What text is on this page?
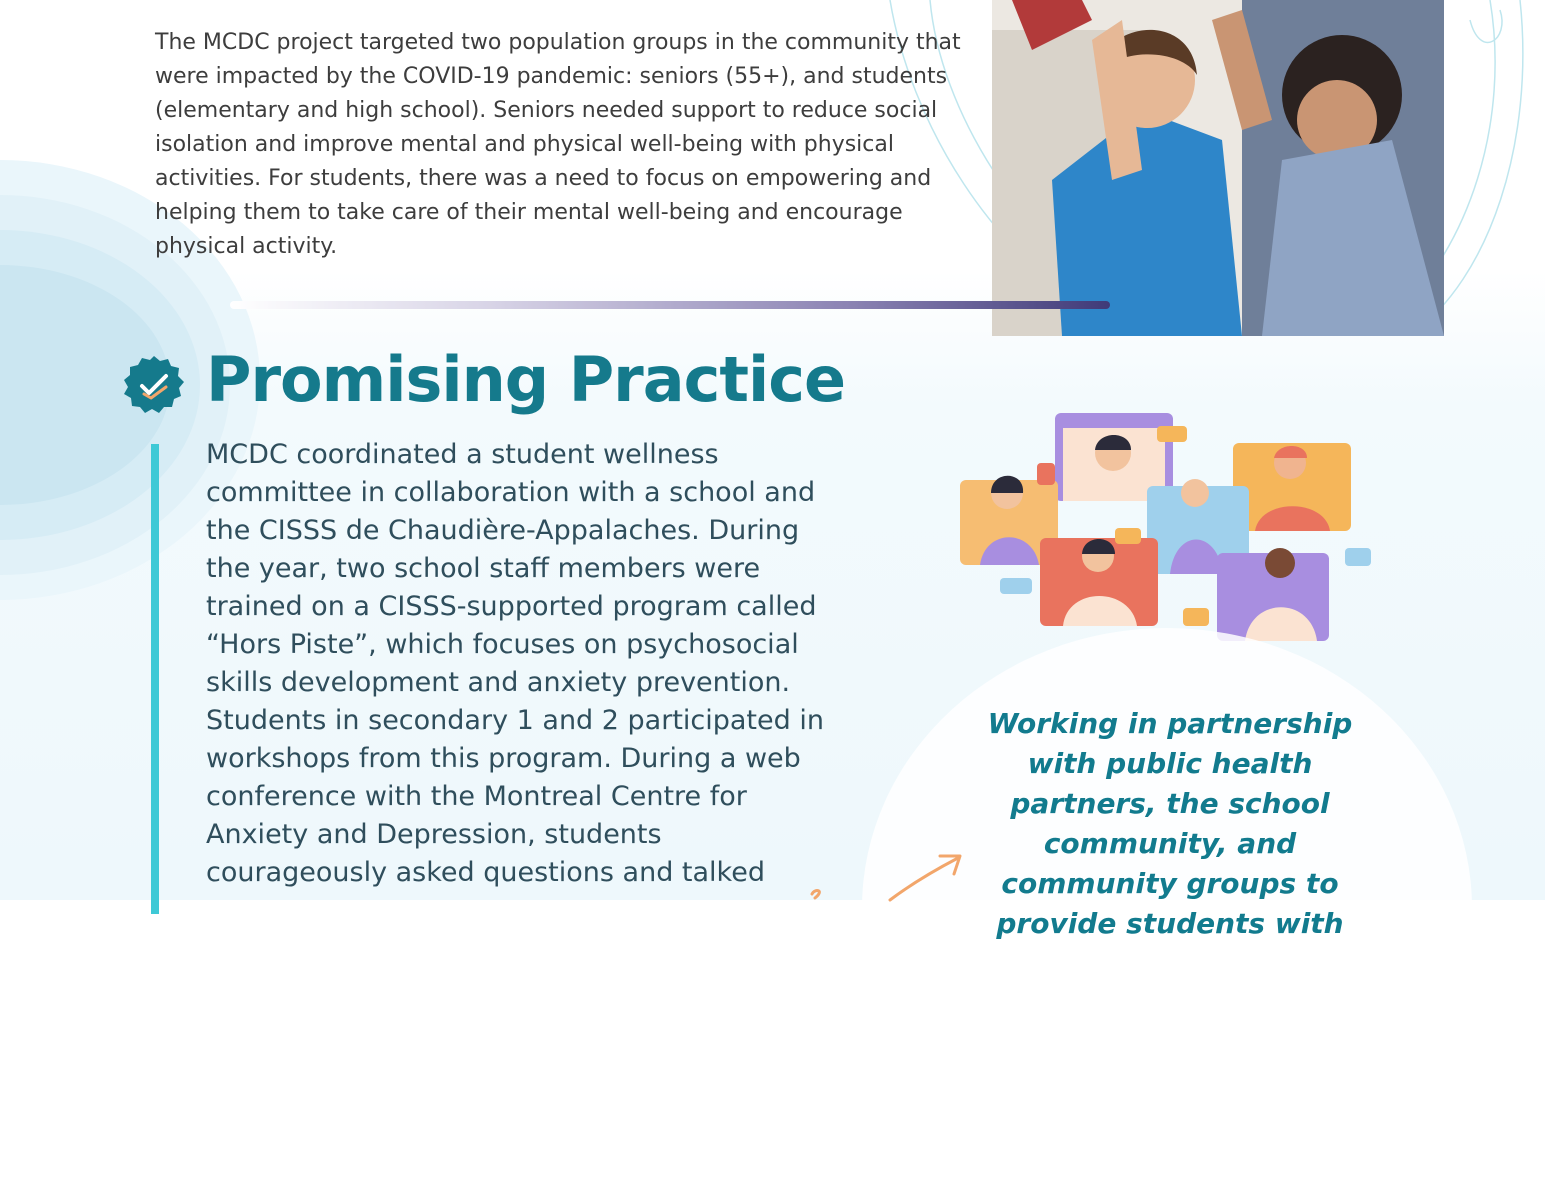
The MCDC project targeted two population groups in the community that were impacted by the COVID-19 pandemic: seniors (55+), and students (elementary and high school). Seniors needed support to reduce social isolation and improve mental and physical well-being with physical activities. For students, there was a need to focus on empowering and helping them to take care of their mental well-being and encourage physical activity.

Promising Practice

MCDC coordinated a student wellness committee in collaboration with a school and the CISSS de Chaudière-Appalaches. During the year, two school staff members were trained on a CISSS-supported program called “Hors Piste”, which focuses on psychosocial skills development and anxiety prevention. Students in secondary 1 and 2 participated in workshops from this program. During a web conference with the Montreal Centre for Anxiety and Depression, students courageously asked questions and talked

Working in partnership with public health partners, the school community, and community groups to provide students with
